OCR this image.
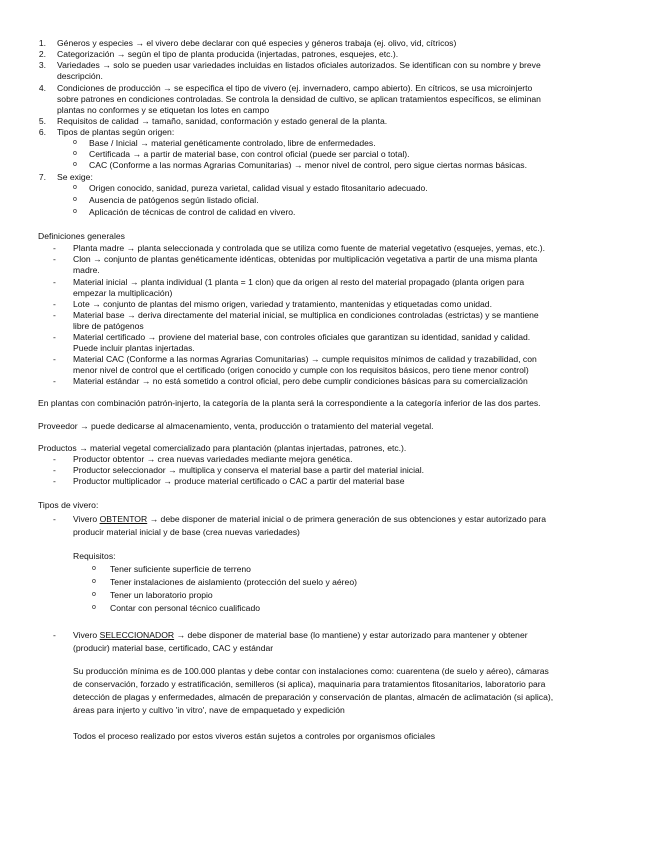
1. Géneros y especies → el vivero debe declarar con qué especies y géneros trabaja (ej. olivo, vid, cítricos)
2. Categorización → según el tipo de planta producida (injertadas, patrones, esquejes, etc.).
3. Variedades → solo se pueden usar variedades incluidas en listados oficiales autorizados. Se identifican con su nombre y breve
descripción.
4. Condiciones de producción → se especifica el tipo de vivero (ej. invernadero, campo abierto). En cítricos, se usa microinjerto
sobre patrones en condiciones controladas. Se controla la densidad de cultivo, se aplican tratamientos específicos, se eliminan
plantas no conformes y se etiquetan los lotes en campo
5. Requisitos de calidad → tamaño, sanidad, conformación y estado general de la planta.
6. Tipos de plantas según origen:
o Base / Inicial → material genéticamente controlado, libre de enfermedades.
o Certificada → a partir de material base, con control oficial (puede ser parcial o total).
o CAC (Conforme a las normas Agrarias Comunitarias) → menor nivel de control, pero sigue ciertas normas básicas.
7. Se exige:
o Origen conocido, sanidad, pureza varietal, calidad visual y estado fitosanitario adecuado.
o Ausencia de patógenos según listado oficial.
o Aplicación de técnicas de control de calidad en vivero.
Definiciones generales
- Planta madre → planta seleccionada y controlada que se utiliza como fuente de material vegetativo (esquejes, yemas, etc.).
- Clon → conjunto de plantas genéticamente idénticas, obtenidas por multiplicación vegetativa a partir de una misma planta
madre.
- Material inicial → planta individual (1 planta = 1 clon) que da origen al resto del material propagado (planta origen para
empezar la multiplicación)
- Lote → conjunto de plantas del mismo origen, variedad y tratamiento, mantenidas y etiquetadas como unidad.
- Material base → deriva directamente del material inicial, se multiplica en condiciones controladas (estrictas) y se mantiene
libre de patógenos
- Material certificado → proviene del material base, con controles oficiales que garantizan su identidad, sanidad y calidad.
Puede incluir plantas injertadas.
- Material CAC (Conforme a las normas Agrarias Comunitarias) → cumple requisitos mínimos de calidad y trazabilidad, con
menor nivel de control que el certificado (origen conocido y cumple con los requisitos básicos, pero tiene menor control)
- Material estándar → no está sometido a control oficial, pero debe cumplir condiciones básicas para su comercialización
En plantas con combinación patrón-injerto, la categoría de la planta será la correspondiente a la categoría inferior de las dos partes.
Proveedor → puede dedicarse al almacenamiento, venta, producción o tratamiento del material vegetal.
Productos → material vegetal comercializado para plantación (plantas injertadas, patrones, etc.).
- Productor obtentor → crea nuevas variedades mediante mejora genética.
- Productor seleccionador → multiplica y conserva el material base a partir del material inicial.
- Productor multiplicador → produce material certificado o CAC a partir del material base
Tipos de vivero:
- Vivero OBTENTOR → debe disponer de material inicial o de primera generación de sus obtenciones y estar autorizado para
producir material inicial y de base (crea nuevas variedades)
Requisitos:
o Tener suficiente superficie de terreno
o Tener instalaciones de aislamiento (protección del suelo y aéreo)
o Tener un laboratorio propio
o Contar con personal técnico cualificado
- Vivero SELECCIONADOR → debe disponer de material base (lo mantiene) y estar autorizado para mantener y obtener
(producir) material base, certificado, CAC y estándar
Su producción mínima es de 100.000 plantas y debe contar con instalaciones como: cuarentena (de suelo y aéreo), cámaras
de conservación, forzado y estratificación, semilleros (si aplica), maquinaria para tratamientos fitosanitarios, laboratorio para
detección de plagas y enfermedades, almacén de preparación y conservación de plantas, almacén de aclimatación (si aplica),
áreas para injerto y cultivo 'in vitro', nave de empaquetado y expedición
Todos el proceso realizado por estos viveros están sujetos a controles por organismos oficiales
